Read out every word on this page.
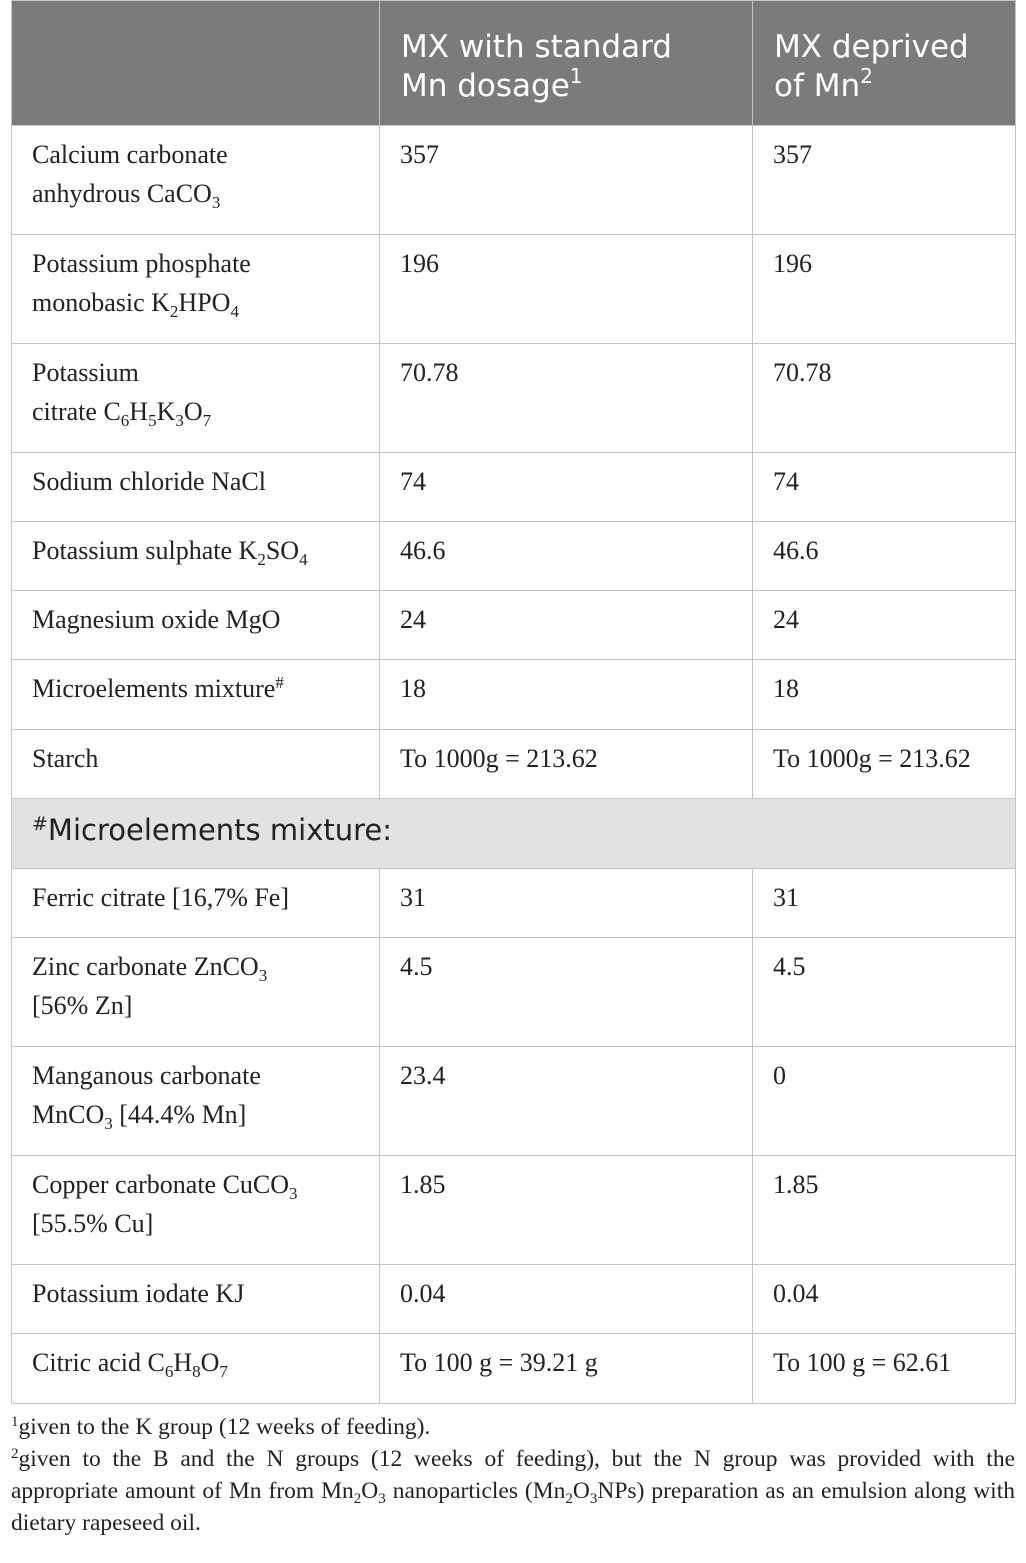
	MX with standard
Mn dosage$^1$	MX deprived
of Mn$^2$
Calcium carbonate
anhydrous CaCO$_3$	357	357
Potassium phosphate
monobasic $K_2HPO_4$	196	196
Potassium
citrate $C_6H_5K_3O_7$	70.78	70.78
Sodium chloride NaCl	74	74
Potassium sulphate $K_2SO_4$	46.6	46.6
Magnesium oxide MgO	24	24
Microelements mixture#	18	18
Starch	To 1000g = 213.62	To 1000g = 213.62
#Microelements mixture:		
Ferric citrate [16,7% Fe]	31	31
Zinc carbonate ZnCO$_3$
[56% Zn]	4.5	4.5
Manganous carbonate
MnCO$_3$ [44.4% Mn]	23.4	0
Copper carbonate CuCO$_3$
[55.5% Cu]	1.85	1.85
Potassium iodate KJ	0.04	0.04
Citric acid $C_6H_8O_7$	To 100 g = 39.21 g	To 100 g = 62.61

$^1$given to the K group (12 weeks of feeding).

$^2$given to the B and the N groups (12 weeks of feeding), but the N group was provided with the appropriate amount of Mn from $Mn_2O_3$ nanoparticles $(Mn_2O_3NPs)$ preparation as an emulsion along with dietary rapeseed oil.
